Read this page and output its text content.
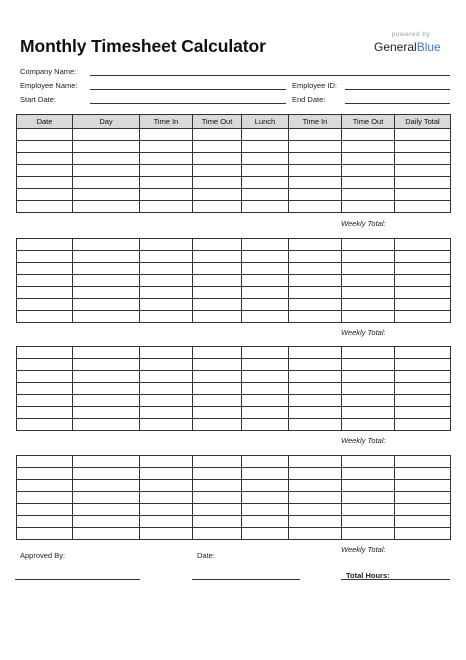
Monthly Timesheet Calculator
powered by
GeneralBlue
Company Name:
Employee Name:	Employee ID:
Start Date:	End Date:
Date	Day	Time In	Time Out	Lunch	Time In	Time Out	Daily Total

Weekly Total:

Weekly Total:

Weekly Total:

Weekly Total:
Approved By:	Date:
Total Hours:
